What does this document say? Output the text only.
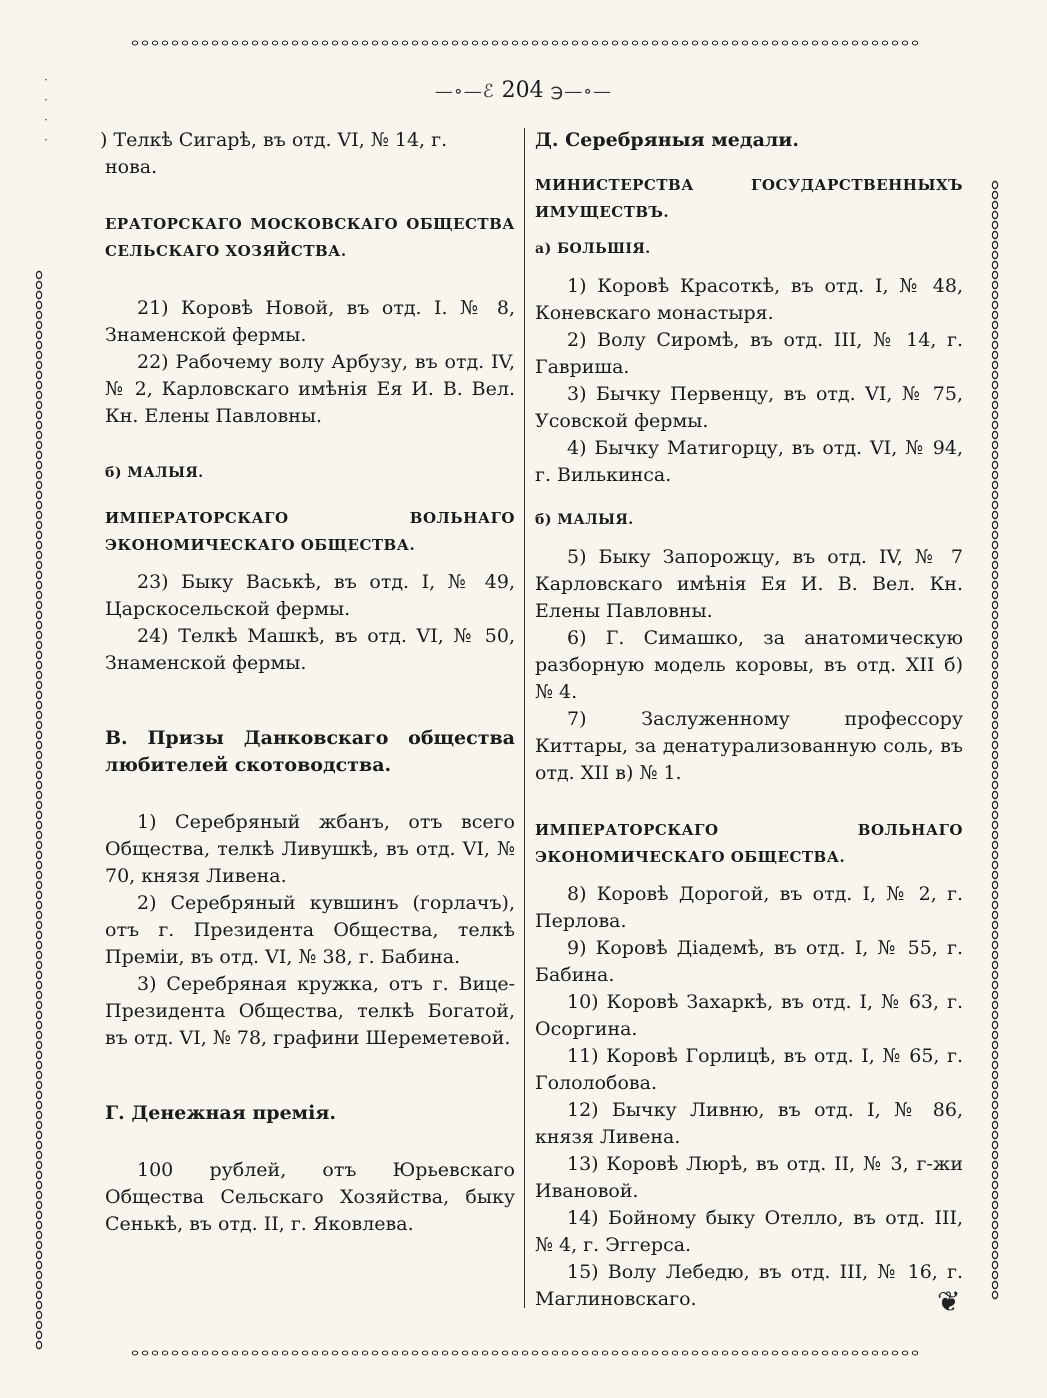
·
·
·
·
—∘—ℰ 204 ℈—∘—

) Телкѣ Сигарѣ, въ отд. VI, № 14, г.

нова.

ЕРАТОРСКАГО МОСКОВСКАГО ОБЩЕСТВА СЕЛЬСКАГО ХОЗЯЙСТВА.

21) Коровѣ Новой, въ отд. I. № 8, Знаменской фермы.

22) Рабочему волу Арбузу, въ отд. IV, № 2, Карловскаго имѣнія Ея И. В. Вел. Кн. Елены Павловны.

б) МАЛЫЯ.

ИМПЕРАТОРСКАГО ВОЛЬНАГО ЭКОНОМИЧЕСКАГО ОБЩЕСТВА.

23) Быку Васькѣ, въ отд. I, № 49, Царскосельской фермы.

24) Телкѣ Машкѣ, въ отд. VI, № 50, Знаменской фермы.

В. Призы Данковскаго общества любителей скотоводства.

1) Серебряный жбанъ, отъ всего Общества, телкѣ Ливушкѣ, въ отд. VI, № 70, князя Ливена.

2) Серебряный кувшинъ (горлачъ), отъ г. Президента Общества, телкѣ Преміи, въ отд. VI, № 38, г. Бабина.

3) Серебряная кружка, отъ г. Вице-Президента Общества, телкѣ Богатой, въ отд. VI, № 78, графини Шереметевой.

Г. Денежная премія.

100 рублей, отъ Юрьевскаго Общества Сельскаго Хозяйства, быку Сенькѣ, въ отд. II, г. Яковлева.

Д. Серебряныя медали.

МИНИСТЕРСТВА ГОСУДАРСТВЕННЫХЪ ИМУЩЕСТВЪ.

а) БОЛЬШІЯ.

1) Коровѣ Красоткѣ, въ отд. I, № 48, Коневскаго монастыря.

2) Волу Сиромѣ, въ отд. III, № 14, г. Гавриша.

3) Бычку Первенцу, въ отд. VI, № 75, Усовской фермы.

4) Бычку Матигорцу, въ отд. VI, № 94, г. Вилькинса.

б) МАЛЫЯ.

5) Быку Запорожцу, въ отд. IV, № 7 Карловскаго имѣнія Ея И. В. Вел. Кн. Елены Павловны.

6) Г. Симашко, за анатомическую разборную модель коровы, въ отд. XII б) № 4.

7) Заслуженному профессору Киттары, за денатурализованную соль, въ отд. XII в) № 1.

ИМПЕРАТОРСКАГО ВОЛЬНАГО ЭКОНОМИЧЕСКАГО ОБЩЕСТВА.

8) Коровѣ Дорогой, въ отд. I, № 2, г. Перлова.

9) Коровѣ Діадемѣ, въ отд. I, № 55, г. Бабина.

10) Коровѣ Захаркѣ, въ отд. I, № 63, г. Осоргина.

11) Коровѣ Горлицѣ, въ отд. I, № 65, г. Гололобова.

12) Бычку Ливню, въ отд. I, № 86, князя Ливена.

13) Коровѣ Люрѣ, въ отд. II, № 3, г-жи Ивановой.

14) Бойному быку Отелло, въ отд. III, № 4, г. Эггерса.

15) Волу Лебедю, въ отд. III, № 16, г. Маглиновскаго.	❦
